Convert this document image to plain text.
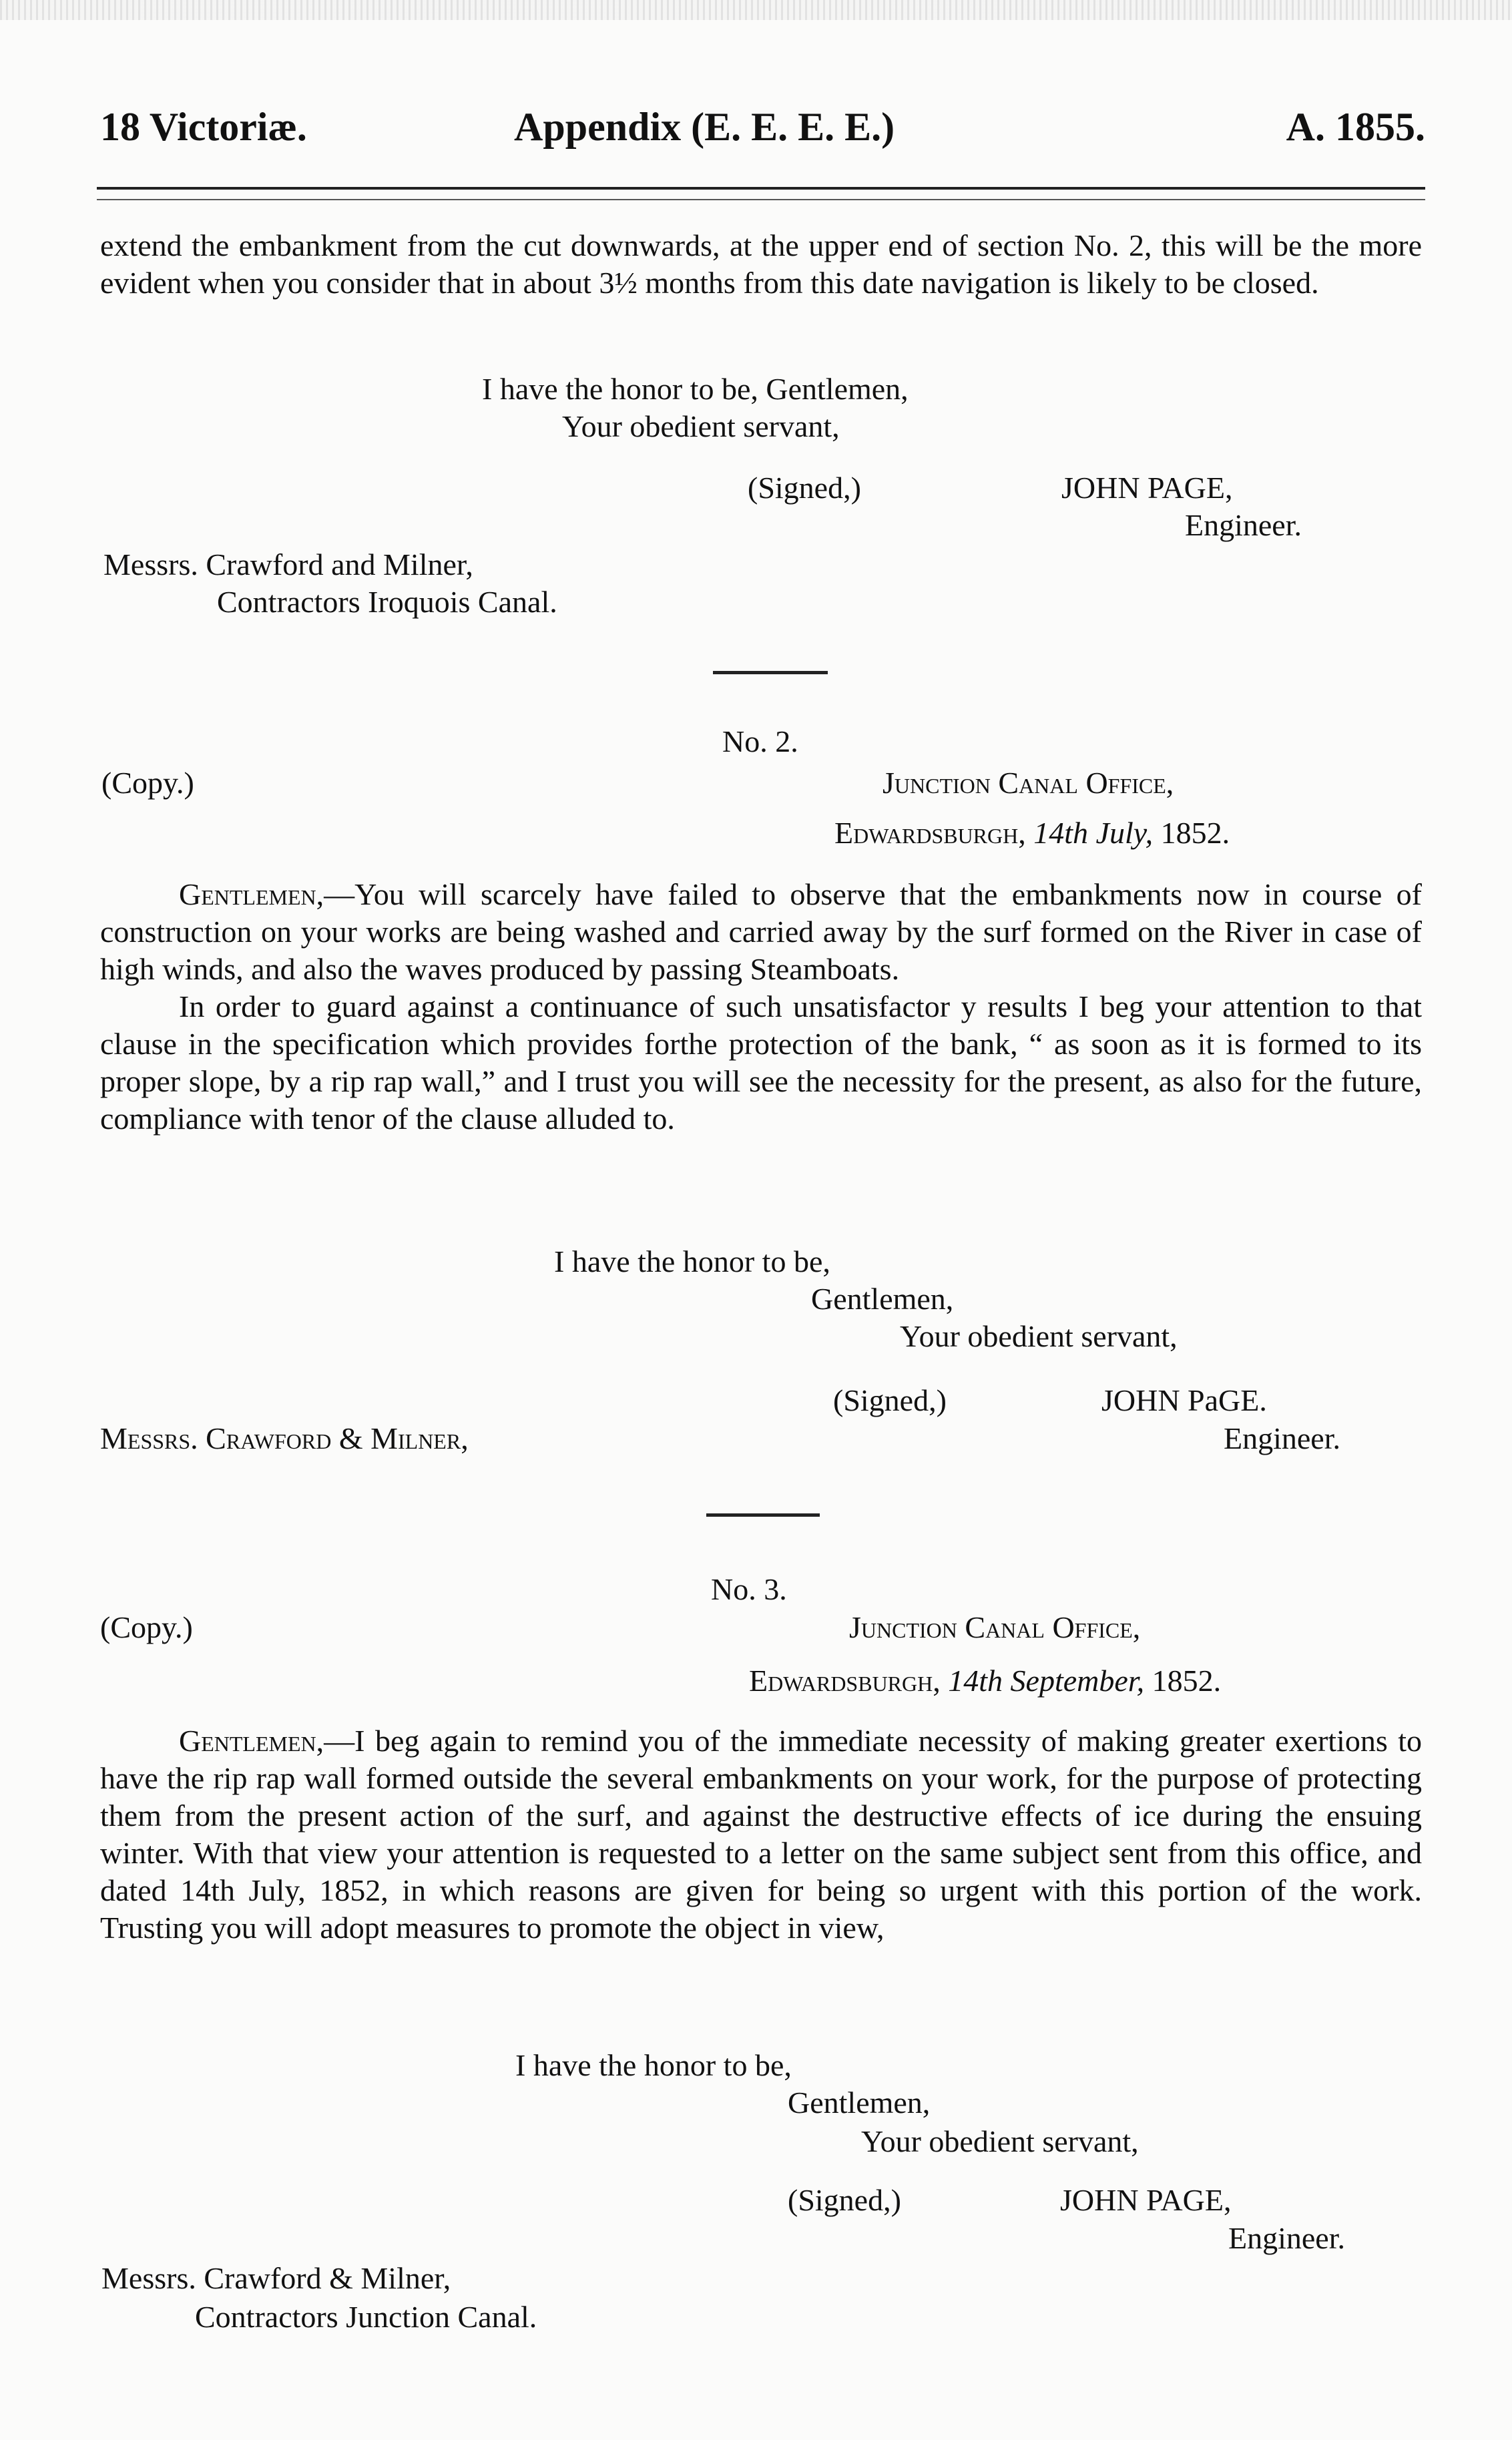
18 Victoriæ.	Appendix (E. E. E. E.)	A. 1855.
extend the embankment from the cut downwards, at the upper end of section No. 2, this will be the more evident when you consider that in about 3½ months from this date navigation is likely to be closed.
I have the honor to be, Gentlemen,
Your obedient servant,
(Signed,)	JOHN PAGE,
Engineer.
Messrs. Crawford and Milner,
Contractors Iroquois Canal.
No. 2.
(Copy.)	Junction Canal Office,
Edwardsburgh, 14th July, 1852.
Gentlemen,—You will scarcely have failed to observe that the embankments now in course of construction on your works are being washed and carried away by the surf formed on the River in case of high winds, and also the waves produced by passing Steamboats.
In order to guard against a continuance of such unsatisfactor y results I beg your attention to that clause in the specification which provides forthe protection of the bank, “ as soon as it is formed to its proper slope, by a rip rap wall,” and I trust you will see the necessity for the present, as also for the future, compliance with tenor of the clause alluded to.
I have the honor to be,
Gentlemen,
Your obedient servant,
(Signed,)	JOHN PaGE.
Messrs. Crawford & Milner,	Engineer.
No. 3.
(Copy.)	Junction Canal Office,
Edwardsburgh, 14th September, 1852.
Gentlemen,—I beg again to remind you of the immediate necessity of making greater exertions to have the rip rap wall formed outside the several embankments on your work, for the purpose of protecting them from the present action of the surf, and against the destructive effects of ice during the ensuing winter. With that view your attention is requested to a letter on the same subject sent from this office, and dated 14th July, 1852, in which reasons are given for being so urgent with this portion of the work. Trusting you will adopt measures to promote the object in view,
I have the honor to be,
Gentlemen,
Your obedient servant,
(Signed,)	JOHN PAGE,
Engineer.
Messrs. Crawford & Milner,
Contractors Junction Canal.
